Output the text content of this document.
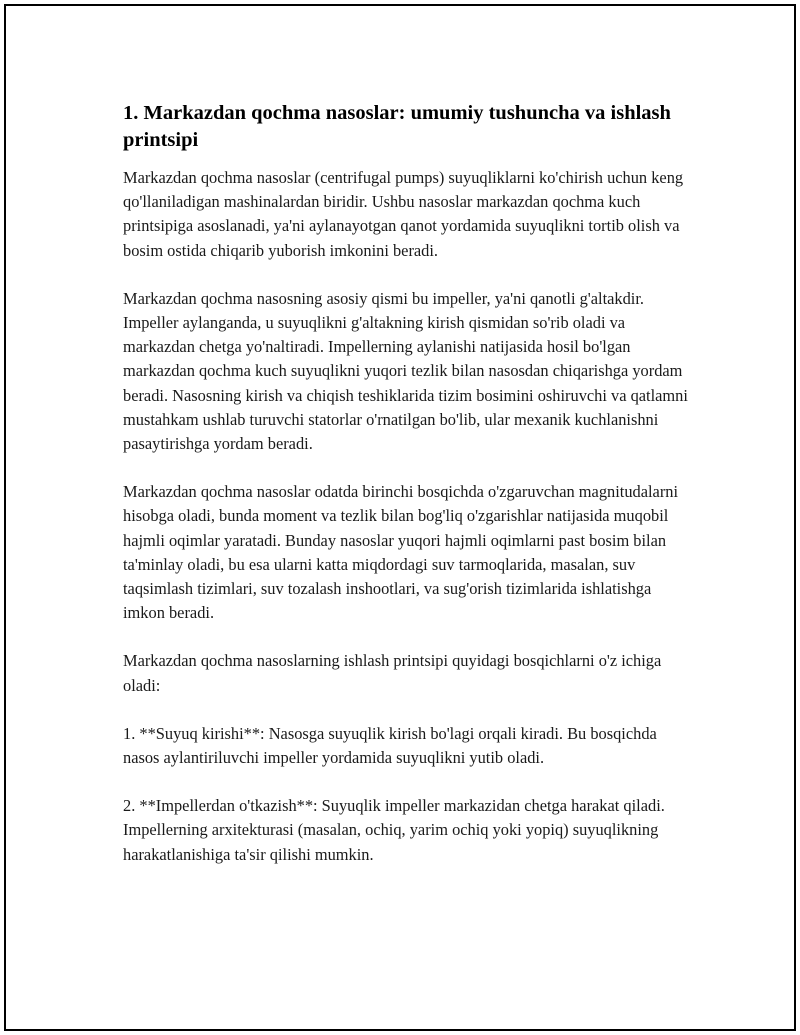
1. Markazdan qochma nasoslar: umumiy tushuncha va ishlash printsipi

Markazdan qochma nasoslar (centrifugal pumps) suyuqliklarni ko'chirish uchun keng qo'llaniladigan mashinalardan biridir. Ushbu nasoslar markazdan qochma kuch printsipiga asoslanadi, ya'ni aylanayotgan qanot yordamida suyuqlikni tortib olish va bosim ostida chiqarib yuborish imkonini beradi.

Markazdan qochma nasosning asosiy qismi bu impeller, ya'ni qanotli g'altakdir. Impeller aylanganda, u suyuqlikni g'altakning kirish qismidan so'rib oladi va markazdan chetga yo'naltiradi. Impellerning aylanishi natijasida hosil bo'lgan markazdan qochma kuch suyuqlikni yuqori tezlik bilan nasosdan chiqarishga yordam beradi. Nasosning kirish va chiqish teshiklarida tizim bosimini oshiruvchi va qatlamni mustahkam ushlab turuvchi statorlar o'rnatilgan bo'lib, ular mexanik kuchlanishni pasaytirishga yordam beradi.

Markazdan qochma nasoslar odatda birinchi bosqichda o'zgaruvchan magnitudalarni hisobga oladi, bunda moment va tezlik bilan bog'liq o'zgarishlar natijasida muqobil hajmli oqimlar yaratadi. Bunday nasoslar yuqori hajmli oqimlarni past bosim bilan ta'minlay oladi, bu esa ularni katta miqdordagi suv tarmoqlarida, masalan, suv taqsimlash tizimlari, suv tozalash inshootlari, va sug'orish tizimlarida ishlatishga imkon beradi.

Markazdan qochma nasoslarning ishlash printsipi quyidagi bosqichlarni o'z ichiga oladi:

1. **Suyuq kirishi**: Nasosga suyuqlik kirish bo'lagi orqali kiradi. Bu bosqichda nasos aylantiriluvchi impeller yordamida suyuqlikni yutib oladi.

2. **Impellerdan o'tkazish**: Suyuqlik impeller markazidan chetga harakat qiladi. Impellerning arxitekturasi (masalan, ochiq, yarim ochiq yoki yopiq) suyuqlikning harakatlanishiga ta'sir qilishi mumkin.
